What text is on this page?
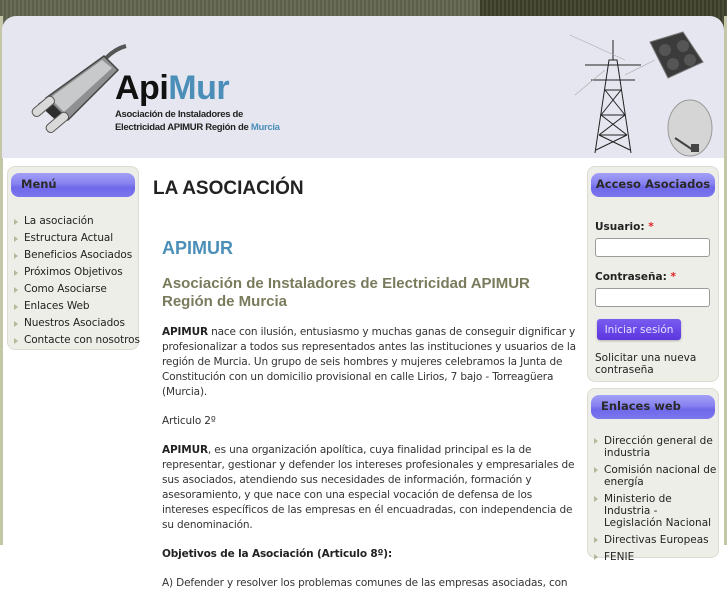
ApiMur
Asociación de Instaladores de
Electricidad APIMUR Región de Murcia
Menú
La asociación
Estructura Actual
Beneficios Asociados
Próximos Objetivos
Como Asociarse
Enlaces Web
Nuestros Asociados
Contacte con nosotros
LA ASOCIACIÓN
APIMUR
Asociación de Instaladores de Electricidad APIMUR Región de Murcia

APIMUR nace con ilusión, entusiasmo y muchas ganas de conseguir dignificar y profesionalizar a todos sus representados antes las instituciones y usuarios de la región de Murcia. Un grupo de seis hombres y mujeres celebramos la Junta de Constitución con un domicilio provisional en calle Lirios, 7 bajo - Torreagüera (Murcia).

Articulo 2º

APIMUR, es una organización apolítica, cuya finalidad principal es la de representar, gestionar y defender los intereses profesionales y empresariales de sus asociados, atendiendo sus necesidades de información, formación y asesoramiento, y que nace con una especial vocación de defensa de los intereses específicos de las empresas en él encuadradas, con independencia de su denominación.

Objetivos de la Asociación (Articulo 8º):

A) Defender y resolver los problemas comunes de las empresas asociadas, con

Acceso Asociados
Usuario: *
Contraseña: *
Iniciar sesión
Solicitar una nueva contraseña
Enlaces web
Dirección general de industria
Comisión nacional de energía
Ministerio de Industria - Legislación Nacional
Directivas Europeas
FENIE
